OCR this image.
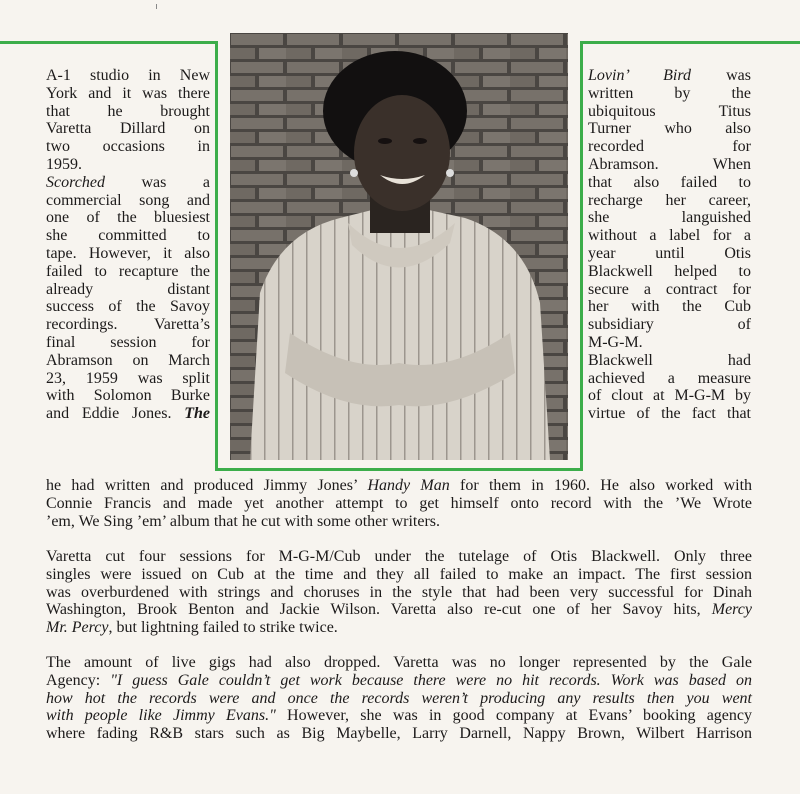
A-1 studio in New
York and it was there
that he brought
Varetta Dillard on
two occasions in
1959.
Scorched was a
commercial song and
one of the bluesiest
she committed to
tape. However, it also
failed to recapture the
already distant
success of the Savoy
recordings. Varetta’s
final session for
Abramson on March
23, 1959 was split
with Solomon Burke
and Eddie Jones. The
Lovin’ Bird was
written by the
ubiquitous Titus
Turner who also
recorded for
Abramson. When
that also failed to
recharge her career,
she languished
without a label for a
year until Otis
Blackwell helped to
secure a contract for
her with the Cub
subsidiary of
M-G-M.
Blackwell had
achieved a measure
of clout at M-G-M by
virtue of the fact that
he had written and produced Jimmy Jones’ Handy Man for them in 1960. He also worked with
Connie Francis and made yet another attempt to get himself onto record with the ’We Wrote
’em, We Sing ’em’ album that he cut with some other writers.
Varetta cut four sessions for M-G-M/Cub under the tutelage of Otis Blackwell. Only three
singles were issued on Cub at the time and they all failed to make an impact. The first session
was overburdened with strings and choruses in the style that had been very successful for Dinah
Washington, Brook Benton and Jackie Wilson. Varetta also re-cut one of her Savoy hits, Mercy
Mr. Percy, but lightning failed to strike twice.
The amount of live gigs had also dropped. Varetta was no longer represented by the Gale
Agency: "I guess Gale couldn’t get work because there were no hit records. Work was based on
how hot the records were and once the records weren’t producing any results then you went
with people like Jimmy Evans." However, she was in good company at Evans’ booking agency
where fading R&B stars such as Big Maybelle, Larry Darnell, Nappy Brown, Wilbert Harrison
